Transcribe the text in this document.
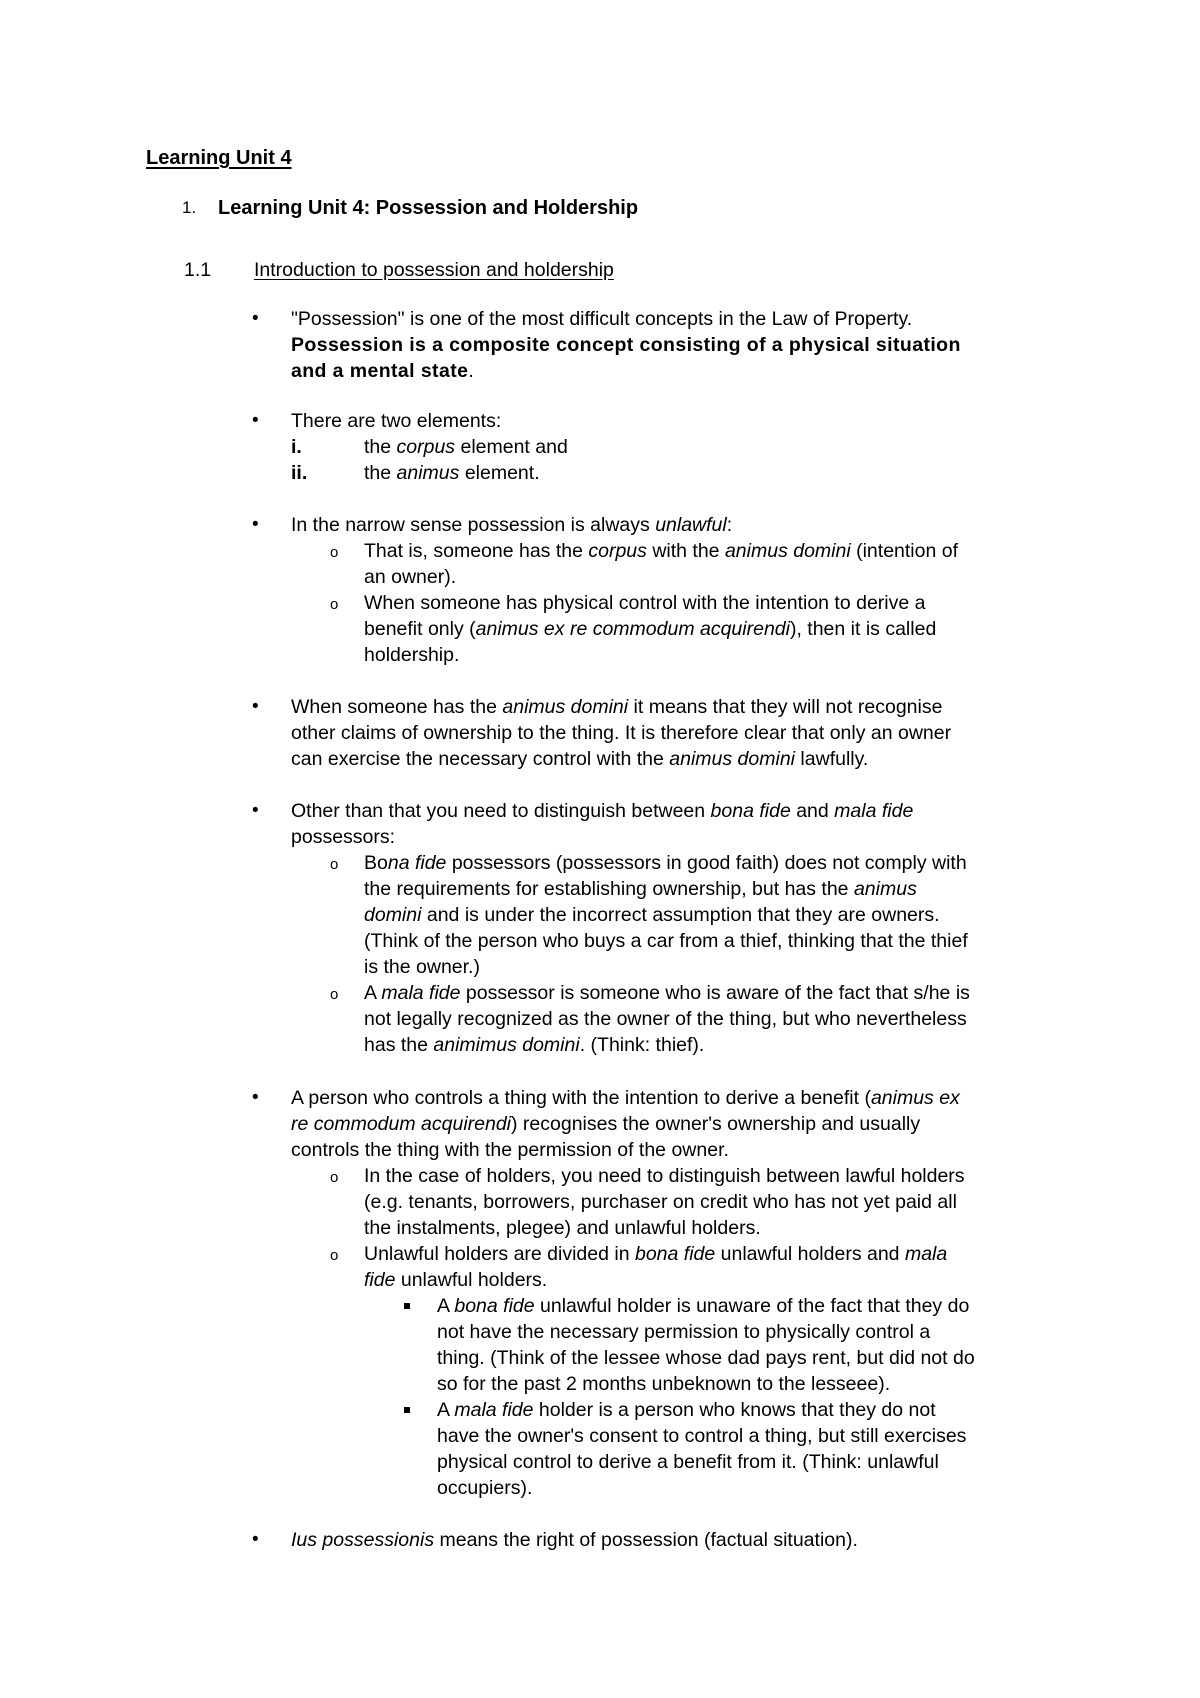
Learning Unit 4
1. Learning Unit 4: Possession and Holdership
1.1 Introduction to possession and holdership
• "Possession" is one of the most difficult concepts in the Law of Property.
Possession is a composite concept consisting of a physical situation
and a mental state.
• There are two elements:
i.	the corpus element and
ii.	the animus element.
• In the narrow sense possession is always unlawful:
o That is, someone has the corpus with the animus domini (intention of
an owner).
o When someone has physical control with the intention to derive a
benefit only (animus ex re commodum acquirendi), then it is called
holdership.
• When someone has the animus domini it means that they will not recognise
other claims of ownership to the thing. It is therefore clear that only an owner
can exercise the necessary control with the animus domini lawfully.
• Other than that you need to distinguish between bona fide and mala fide
possessors:
o Bona fide possessors (possessors in good faith) does not comply with
the requirements for establishing ownership, but has the animus
domini and is under the incorrect assumption that they are owners.
(Think of the person who buys a car from a thief, thinking that the thief
is the owner.)
o A mala fide possessor is someone who is aware of the fact that s/he is
not legally recognized as the owner of the thing, but who nevertheless
has the animimus domini. (Think: thief).
• A person who controls a thing with the intention to derive a benefit (animus ex
re commodum acquirendi) recognises the owner's ownership and usually
controls the thing with the permission of the owner.
o In the case of holders, you need to distinguish between lawful holders
(e.g. tenants, borrowers, purchaser on credit who has not yet paid all
the instalments, plegee) and unlawful holders.
o Unlawful holders are divided in bona fide unlawful holders and mala
fide unlawful holders.
A bona fide unlawful holder is unaware of the fact that they do
not have the necessary permission to physically control a
thing. (Think of the lessee whose dad pays rent, but did not do
so for the past 2 months unbeknown to the lesseee).
A mala fide holder is a person who knows that they do not
have the owner's consent to control a thing, but still exercises
physical control to derive a benefit from it. (Think: unlawful
occupiers).
• Ius possessionis means the right of possession (factual situation).
